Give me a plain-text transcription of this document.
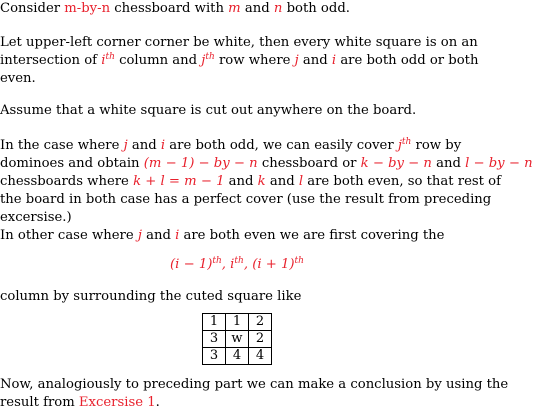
Consider m-by-n chessboard with m and n both odd.
Let upper-left corner corner be white, then every white square is on an
intersection of $i^{th}$ column and $j^{th}$ row where j and i are both odd or both
even.
Assume that a white square is cut out anywhere on the board.
In the case where j and i are both odd, we can easily cover $j^{th}$ row by
dominoes and obtain (m − 1) − by − n chessboard or k − by − n and l − by − n
chessboards where k + l = m − 1 and k and l are both even, so that rest of
the board in both case has a perfect cover (use the result from preceding
excersise.)
In other case where j and i are both even we are first covering the
$(i - 1)^{th}$, $i^{th}$, $(i + 1)^{th}$
column by surrounding the cuted square like
1	1	2
3	w	2
3	4	4
Now, analogiously to preceding part we can make a conclusion by using the
result from Excersise 1.
